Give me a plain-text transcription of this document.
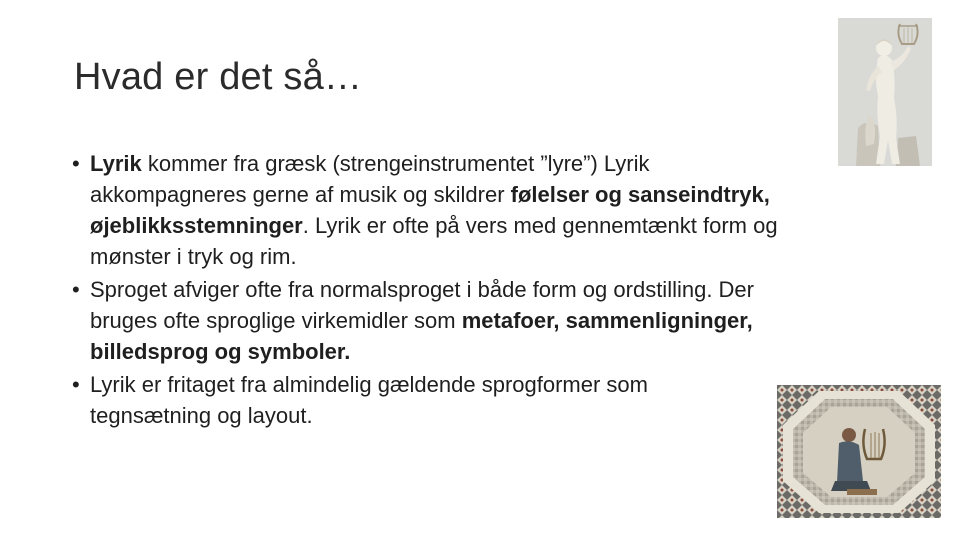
Hvad er det så…
• Lyrik kommer fra græsk (strengeinstrumentet ”lyre”) Lyrik
akkompagneres gerne af musik og skildrer følelser og sanseindtryk,
øjeblikksstemninger. Lyrik er ofte på vers med gennemtænkt form og
mønster i tryk og rim.
• Sproget afviger ofte fra normalsproget i både form og ordstilling. Der
bruges ofte sproglige virkemidler som metafoer, sammenligninger,
billedsprog og symboler.
• Lyrik er fritaget fra almindelig gældende sprogformer som
tegnsætning og layout.
